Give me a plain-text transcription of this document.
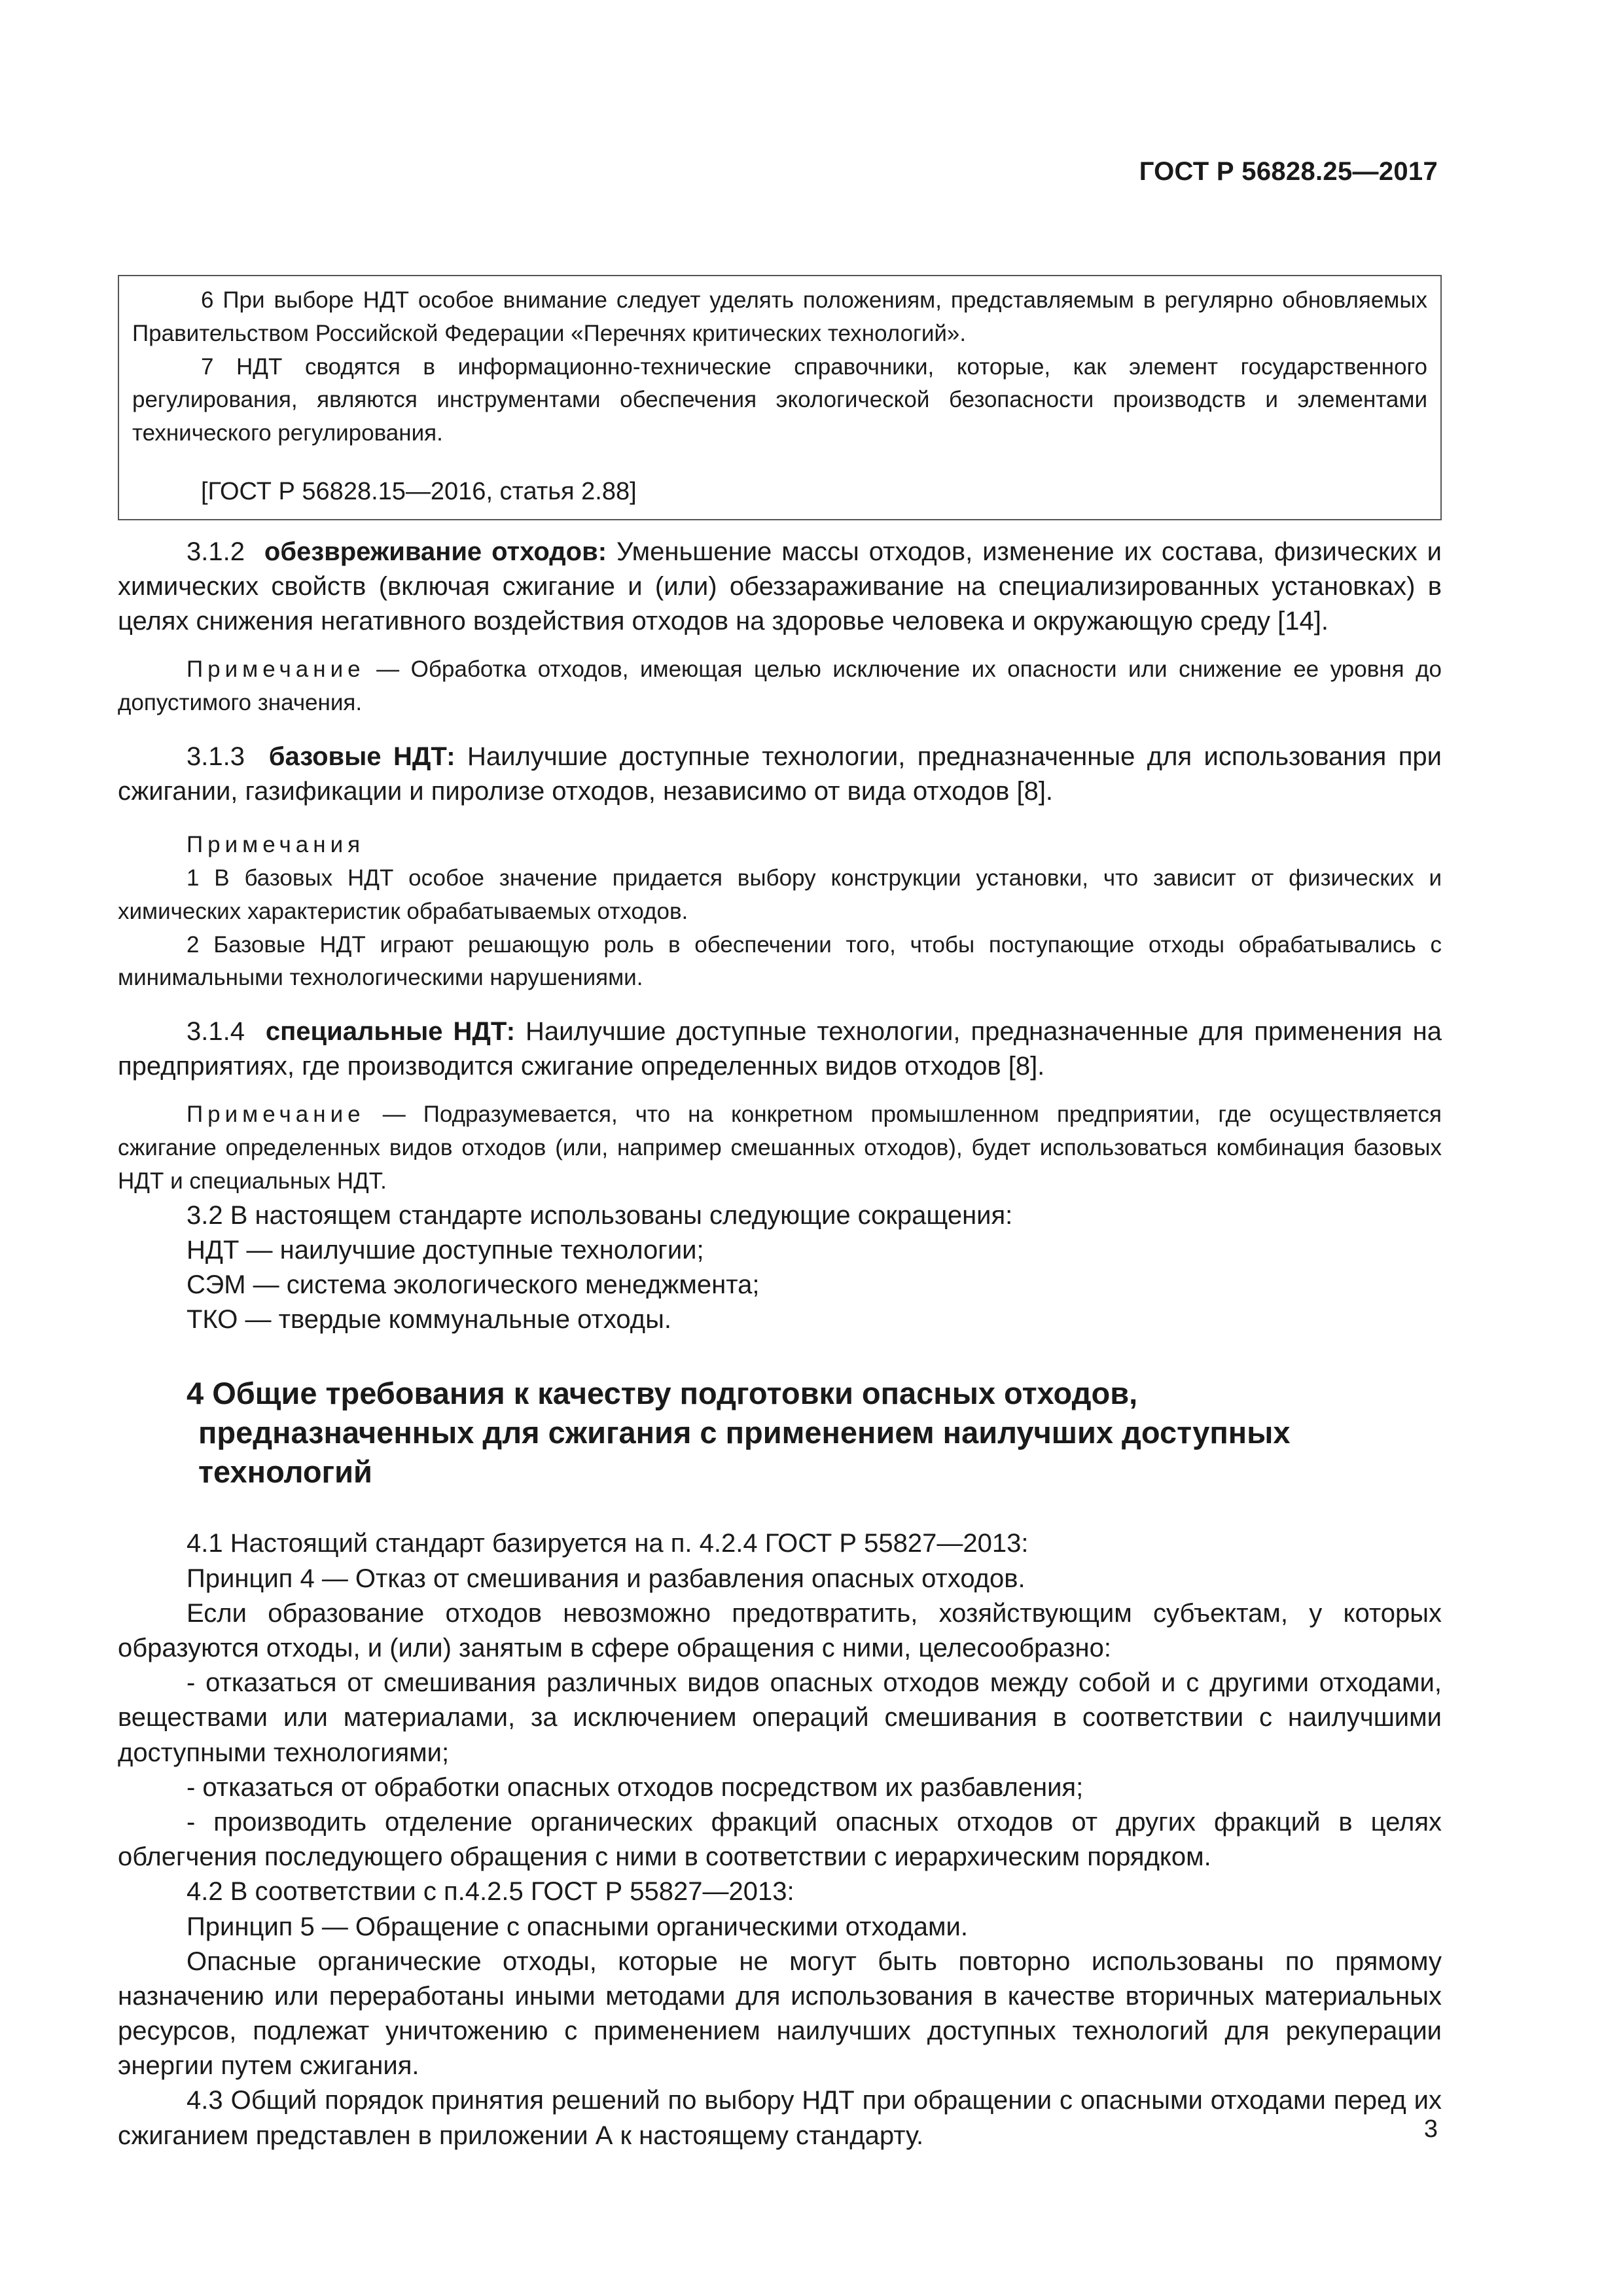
ГОСТ Р 56828.25—2017

6 При выборе НДТ особое внимание следует уделять положениям, представляемым в регулярно обновляемых Правительством Российской Федерации «Перечнях критических технологий».

7 НДТ сводятся в информационно-технические справочники, которые, как элемент государственного регулирования, являются инструментами обеспечения экологической безопасности производств и элементами технического регулирования.

[ГОСТ Р 56828.15—2016, статья 2.88]

3.1.2 обезвреживание отходов: Уменьшение массы отходов, изменение их состава, физических и химических свойств (включая сжигание и (или) обеззараживание на специализированных установках) в целях снижения негативного воздействия отходов на здоровье человека и окружающую среду [14].

Примечание — Обработка отходов, имеющая целью исключение их опасности или снижение ее уровня до допустимого значения.

3.1.3 базовые НДТ: Наилучшие доступные технологии, предназначенные для использования при сжигании, газификации и пиролизе отходов, независимо от вида отходов [8].

Примечания

1 В базовых НДТ особое значение придается выбору конструкции установки, что зависит от физических и химических характеристик обрабатываемых отходов.

2 Базовые НДТ играют решающую роль в обеспечении того, чтобы поступающие отходы обрабатывались с минимальными технологическими нарушениями.

3.1.4 специальные НДТ: Наилучшие доступные технологии, предназначенные для применения на предприятиях, где производится сжигание определенных видов отходов [8].

Примечание — Подразумевается, что на конкретном промышленном предприятии, где осуществляется сжигание определенных видов отходов (или, например смешанных отходов), будет использоваться комбинация базовых НДТ и специальных НДТ.

3.2 В настоящем стандарте использованы следующие сокращения:

НДТ — наилучшие доступные технологии;

СЭМ — система экологического менеджмента;

ТКО — твердые коммунальные отходы.

4 Общие требования к качеству подготовки опасных отходов,
предназначенных для сжигания с применением наилучших доступных технологий

4.1 Настоящий стандарт базируется на п. 4.2.4 ГОСТ Р 55827—2013:

Принцип 4 — Отказ от смешивания и разбавления опасных отходов.

Если образование отходов невозможно предотвратить, хозяйствующим субъектам, у которых образуются отходы, и (или) занятым в сфере обращения с ними, целесообразно:

- отказаться от смешивания различных видов опасных отходов между собой и с другими отходами, веществами или материалами, за исключением операций смешивания в соответствии с наилучшими доступными технологиями;

- отказаться от обработки опасных отходов посредством их разбавления;

- производить отделение органических фракций опасных отходов от других фракций в целях облегчения последующего обращения с ними в соответствии с иерархическим порядком.

4.2 В соответствии с п.4.2.5 ГОСТ Р 55827—2013:

Принцип 5 — Обращение с опасными органическими отходами.

Опасные органические отходы, которые не могут быть повторно использованы по прямому назначению или переработаны иными методами для использования в качестве вторичных материальных ресурсов, подлежат уничтожению с применением наилучших доступных технологий для рекуперации энергии путем сжигания.

4.3 Общий порядок принятия решений по выбору НДТ при обращении с опасными отходами перед их сжиганием представлен в приложении А к настоящему стандарту.	3
